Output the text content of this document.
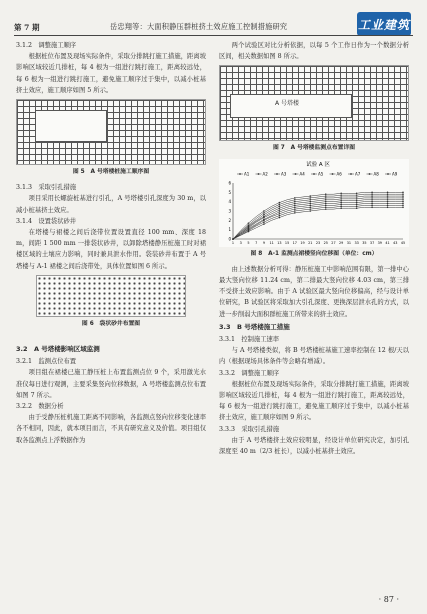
第 7 期	岳忠翔等：大面积静压群桩挤土效应施工控制措施研究	工业建筑
3.1.2　调整施工顺序

根据桩位布置及现场实际条件，采取分排跳打施工措施，距离坡影响区域较近几排桩，每 4 根为一组进行跳打施工，距离较远处，每 6 根为一组进行跳打施工，避免施工顺序过于集中，以减小桩基挤土效应，施工顺序如图 5 所示。

图 5　A 号塔楼桩施工顺序图
3.1.3　采取引孔措施

项目采用长螺旋桩基进行引孔，A 号塔楼引孔深度为 30 m，以减小桩基挤土效应。

3.1.4　设置袋状砂井

在塔楼与裙楼之间后浇带位置设置直径 100 mm、深度 18 m，间距 1 500 mm 一排袋状砂井，以卸除塔楼静压桩施工时对裙楼区域的土壤应力影响，同时兼具泄水作用。袋装砂井布置于 A 号塔楼与 A-1 裙楼之间后浇带处，具体位置如图 6 所示。

图 6　袋状砂井布置图
3.2　A 号塔楼影响区域监测
3.2.1　监测点位布置

项目组在裙楼已施工静压桩上布置监测点位 9 个，采用激光水准仪每日进行观测，主要采集竖向位移数据，A 号塔楼监测点位布置如图 7 所示。

3.2.2　数据分析

由于受静压桩机施工距离不同影响，各监测点竖向位移变化速率各不相同，因此，就本项目而言，不具有研究意义及价值。项目组仅取各监测点上浮数据作为

两个试验区对比分析依据，以每 5 个工作日作为一个数据分析区间，相关数据如图 8 所示。

A 号塔楼
图 7　A 号塔楼监测点布置详图
试验 A 区
0
1
2
3
4
5
6
1 3 5 7 9 11 13 15 17 19 21 23 25 27 29 31 33 35 37 39 41 43 45
A1	A2	A3	A4	A5	A6	A7	A8	A9
图 8　A-1 监测点裙楼竖向位移图（单位：cm）

由上述数据分析可得：静压桩施工中影响范围有限，第一排中心最大竖向位移 11.24 cm，第二排最大竖向位移 4.03 cm，第三排不受挤土效应影响。由于 A 试验区最大竖向位移偏高，经与设计单位研究，B 试验区将采取加大引孔深度、更换深层泄水孔的方式，以进一步削弱大面积群桩施工所带来的挤土效应。

3.3　B 号塔楼施工措施
3.3.1　控制施工速率

与 A 号塔楼类似，将 B 号塔楼桩基施工速率控制在 12 根/天以内（根据现场具体条件等会略有增减）。

3.3.2　调整施工顺序

根据桩位布置及现场实际条件，采取分排跳打施工措施，距离坡影响区域较近几排桩，每 4 根为一组进行跳打施工，距离较远处，每 6 根为一组进行跳打施工，避免施工顺序过于集中，以减小桩基挤土效应，施工顺序如图 9 所示。

3.3.3　采取引孔措施

由于 A 号塔楼挤土效应较明显，经设计单位研究决定，加引孔深度至 40 m（2/3 桩长），以减小桩基挤土效应。

· 87 ·
